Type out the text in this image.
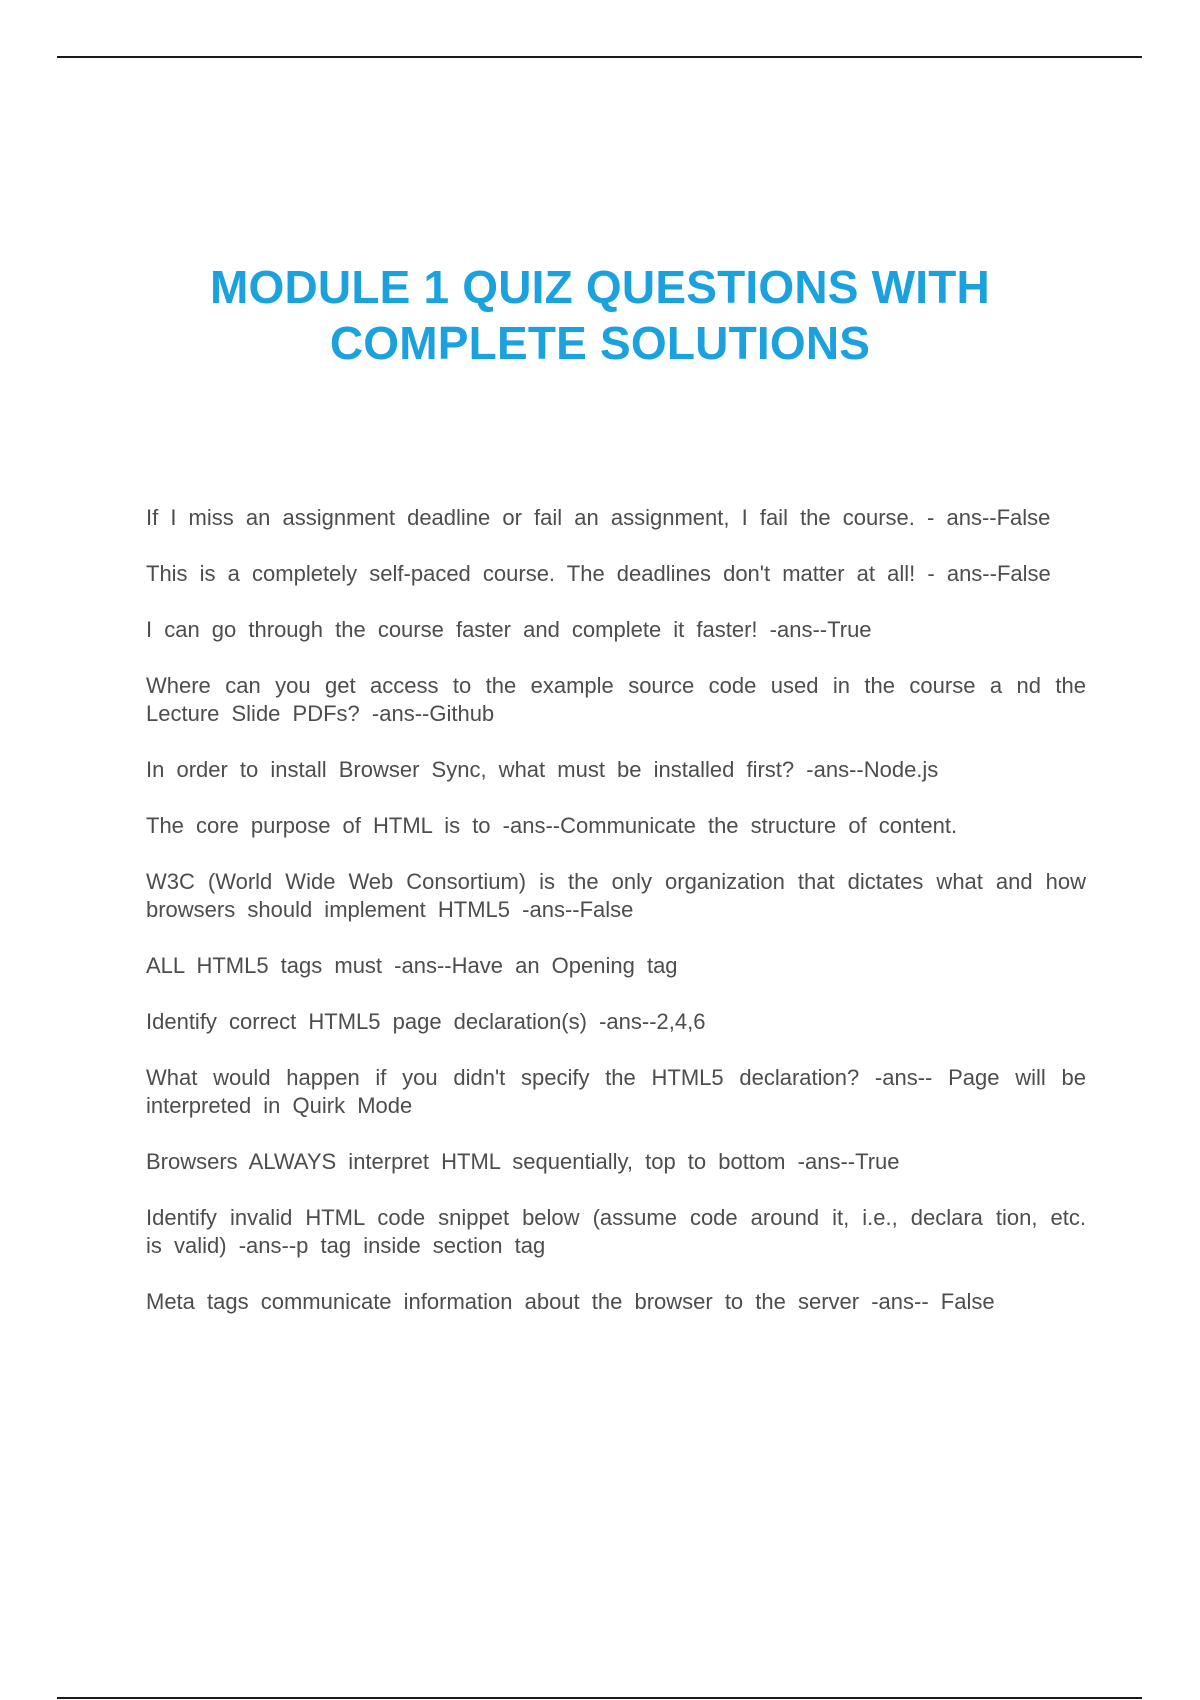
MODULE 1 QUIZ QUESTIONS WITH
COMPLETE SOLUTIONS
If I miss an assignment deadline or fail an assignment, I fail the course. - ans--False
This is a completely self-paced course. The deadlines don't matter at all! - ans--False
I can go through the course faster and complete it faster! -ans--True
Where can you get access to the example source code used in the course a nd the Lecture Slide PDFs? -ans--Github
In order to install Browser Sync, what must be installed first? -ans--Node.js
The core purpose of HTML is to -ans--Communicate the structure of content.
W3C (World Wide Web Consortium) is the only organization that dictates what and how browsers should implement HTML5 -ans--False
ALL HTML5 tags must -ans--Have an Opening tag
Identify correct HTML5 page declaration(s) -ans--2,4,6
What would happen if you didn't specify the HTML5 declaration? -ans-- Page will be interpreted in Quirk Mode
Browsers ALWAYS interpret HTML sequentially, top to bottom -ans--True
Identify invalid HTML code snippet below (assume code around it, i.e., declara tion, etc. is valid) -ans--p tag inside section tag
Meta tags communicate information about the browser to the server -ans-- False
